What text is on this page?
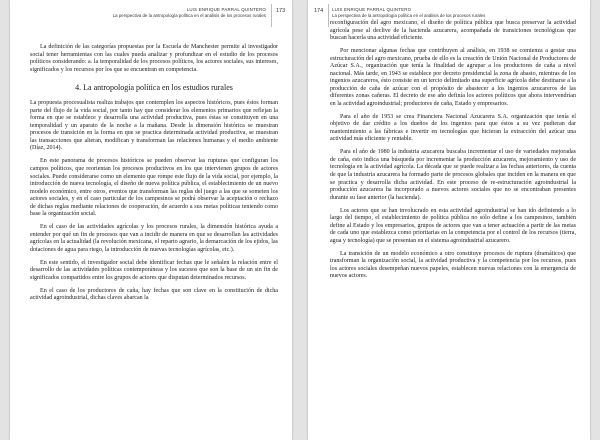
LUIS ENRIQUE PARRAL QUINTERO
La perspectiva de la antropología política en el análisis de los procesos rurales
173

La definición de las categorías propuestas por la Escuela de Manchester permite al investigador social tener herramientas con las cuales pueda analizar y profundizar en el estudio de los procesos políticos considerando: a. la temporalidad de los procesos políticos, los actores sociales, sus intereses, significados y los recursos por los que se encuentran en competencia.

4. La antropología política en los estudios rurales

La propuesta procesualista realiza trabajos que contemplen los aspectos históricos, pues éstos forman parte del flujo de la vida social, por tanto hay que considerar los elementos primarios que reflejan la forma en que se establece y desarrolla una actividad productiva, pues éstas se constituyen en una temporalidad y un aparato de la noche a la mañana. Desde la dimensión histórica se muestran procesos de transición en la forma en que se practica determinada actividad productiva, se muestran las transacciones que alteran, modifican y transforman las relaciones humanas y el medio ambiente (Díaz, 2014).

En este panorama de procesos históricos se pueden observar las rupturas que configuran los campos políticos, que reorientan los procesos productivos en los que intervienen grupos de actores sociales. Puede considerarse como un elemento que rompe este flujo de la vida social, por ejemplo, la introducción de nueva tecnología, el diseño de nueva política pública, el establecimiento de un nuevo modelo económico, entre otros, eventos que transforman las reglas del juego a las que se someten los actores sociales, y en el caso particular de los campesinos se podrá observar la aceptación o rechazo de dichas reglas mediante relaciones de cooperación, de acuerdo a sus metas políticas teniendo como base la organización social.

En el caso de las actividades agrícolas y los procesos rurales, la dimensión histórica ayuda a entender por qué un fin de procesos que van a incidir de manera en que se desarrollan las actividades agrícolas en la actualidad (la revolución mexicana, el reparto agrario, la demarcación de los ejidos, las dotaciones de agua para riego, la introducción de nuevas tecnologías agrícolas, etc.).

En este sentido, el investigador social debe identificar fechas que le señalen la relación entre el desarrollo de las actividades políticas contemporáneas y los sucesos que son la base de un sin fin de significados compartidos entre los grupos de actores que disputan determinados recursos.

En el caso de los productores de caña, hay fechas que son clave en la constitución de dicha actividad agroindustrial, dichas claves abarcan la

174 LUIS ENRIQUE PARRAL QUINTERO
La perspectiva de la antropología política en el análisis de los procesos rurales

reconfiguración del agro mexicano, el diseño de política pública que busca preservar la actividad agrícola pese al declive de la hacienda azucarera, acompañada de transiciones tecnológicas que buscan hacerla una actividad eficiente.

Por mencionar algunas fechas que contribuyen al análisis, en 1938 se comienza a gestar una estructuración del agro mexicano, prueba de ello es la creación de Unión Nacional de Productores de Azúcar S.A., organización que tenía la finalidad de agrupar a los productores de caña a nivel nacional. Más tarde, en 1943 se establece por decreto presidencial la zona de abasto, mientras de los ingenios azucareros, ésto consiste en un tercio delimitado una superficie agrícola debe destinarse a la producción de caña de azúcar con el propósito de abastecer a los ingenios azucareros de las diferentes zonas cañeras. El decreto de ese año definía los actores políticos que ahora intervendrían en la actividad agroindustrial; productores de caña, Estado y empresarios.

Para el año de 1953 se crea Financiera Nacional Azucarera S.A. organización que tenía el objetivo de dar crédito a los dueños de los ingenios para que éstos a su vez pudieran dar mantenimiento a las fábricas e invertir en tecnologías que hicieran la extracción del azúcar una actividad más eficiente y rentable.

Para el año de 1980 la industria azucarera buscaba incrementar el uso de variedades mejoradas de caña, esto indica una búsqueda por incrementar la producción azucarera, mejoramiento y uso de tecnología en la actividad agrícola. La década que se puede realizar a las fechas anteriores, da cuenta de que la industria azucarera ha formado parte de procesos globales que inciden en la manera en que se practica y desarrolla dicha actividad. En este proceso de re-estructuración agroindustrial la producción azucarera ha incorporado a nuevos actores sociales que no se encontraban presentes durante su fase anterior (la hacienda).

Los actores que se han involucrado en esta actividad agroindustrial se han ido definiendo a lo largo del tiempo, el establecimiento de política pública no sólo define a los campesinos, también define al Estado y los empresarios, grupos de actores que van a tener actuación a partir de las metas de cada uno que establezca como prioritarias en la competencia por el control de los recursos (tierra, agua y tecnología) que se presentan en el sistema agroindustrial azucarero.

La transición de un modelo económico a otro constituye procesos de ruptura (dramáticos) que transforman la organización social, la actividad productiva y la competencia por los recursos, pues los actores sociales desempeñan nuevos papeles, establecen nuevas relaciones con la emergencia de nuevos actores.
